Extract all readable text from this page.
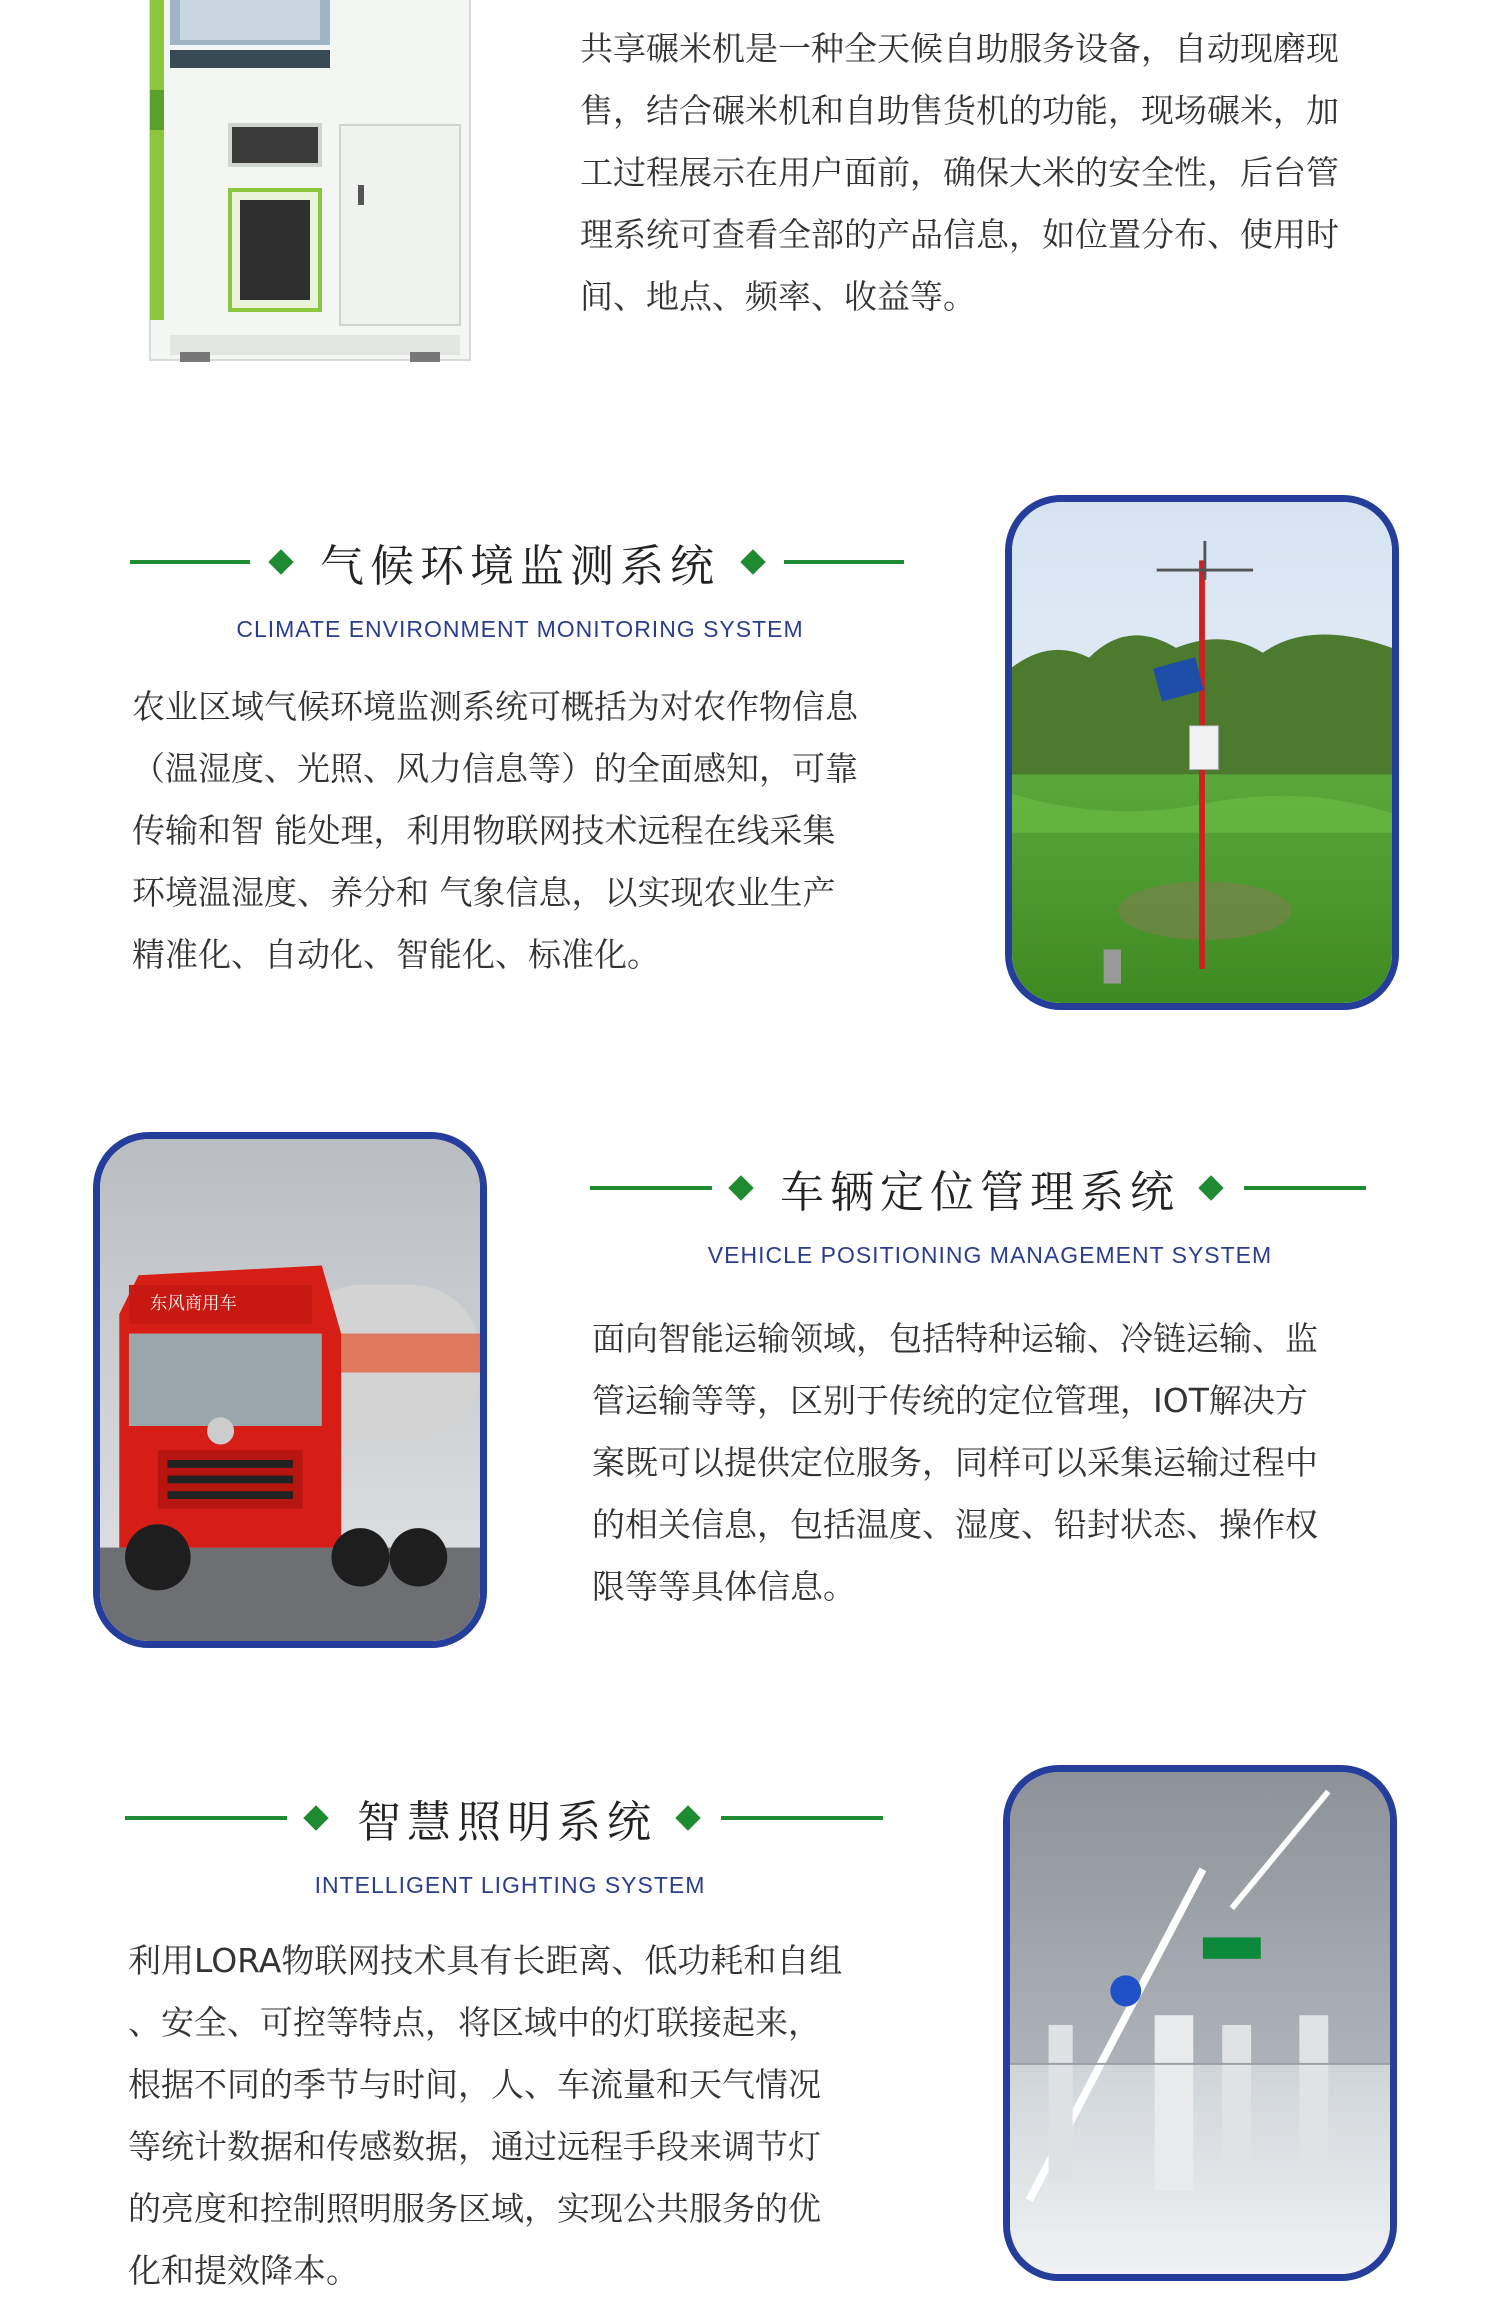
共享碾米机是一种全天候自助服务设备，自动现磨现
售，结合碾米机和自助售货机的功能，现场碾米，加
工过程展示在用户面前，确保大米的安全性，后台管
理系统可查看全部的产品信息，如位置分布、使用时
间、地点、频率、收益等。
气候环境监测系统
CLIMATE ENVIRONMENT MONITORING SYSTEM
农业区域气候环境监测系统可概括为对农作物信息
（温湿度、光照、风力信息等）的全面感知，可靠
传输和智 能处理，利用物联网技术远程在线采集
环境温湿度、养分和 气象信息，以实现农业生产
精准化、自动化、智能化、标准化。
东风商用车
车辆定位管理系统
VEHICLE POSITIONING MANAGEMENT SYSTEM
面向智能运输领域，包括特种运输、冷链运输、监
管运输等等，区别于传统的定位管理，IOT解决方
案既可以提供定位服务，同样可以采集运输过程中
的相关信息，包括温度、湿度、铅封状态、操作权
限等等具体信息。
智慧照明系统
INTELLIGENT LIGHTING SYSTEM
利用LORA物联网技术具有长距离、低功耗和自组
、安全、可控等特点，将区域中的灯联接起来，
根据不同的季节与时间，人、车流量和天气情况
等统计数据和传感数据，通过远程手段来调节灯
的亮度和控制照明服务区域，实现公共服务的优
化和提效降本。
